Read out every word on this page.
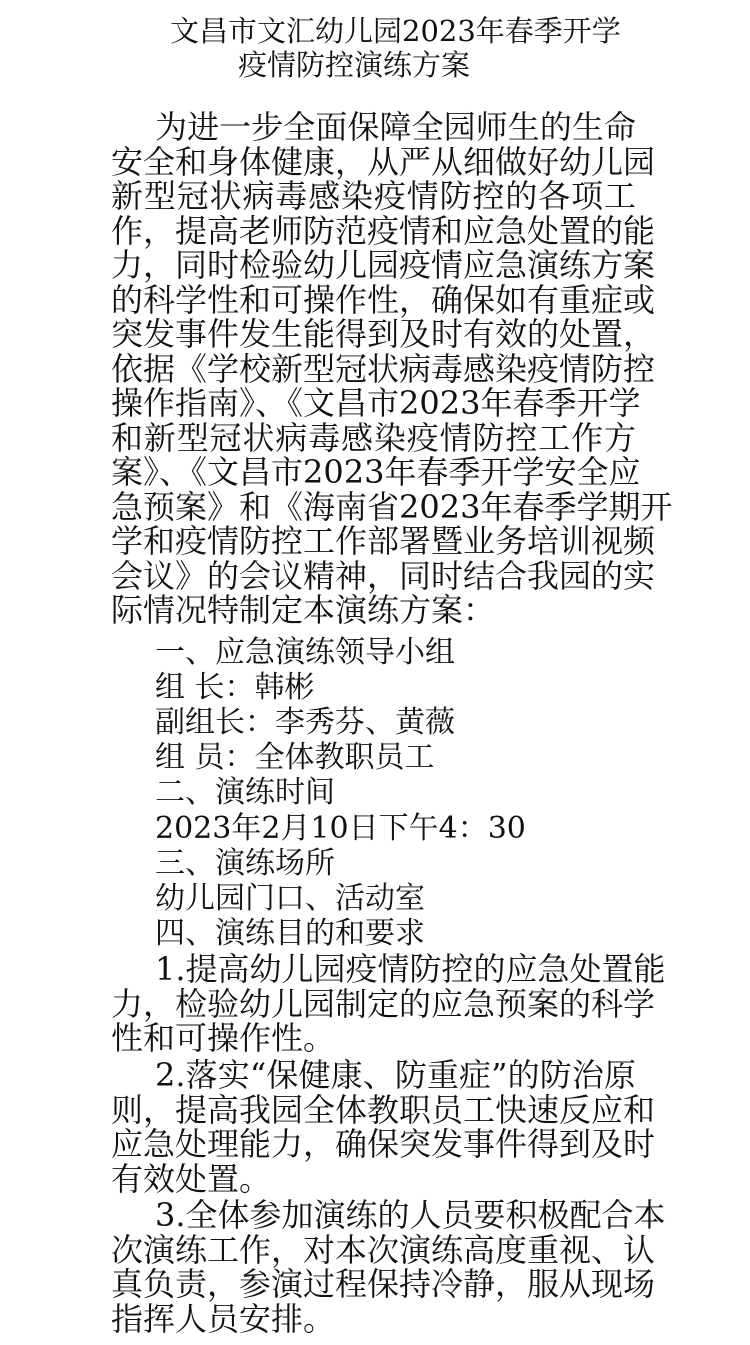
文昌市文汇幼儿园2023年春季开学
疫情防控演练方案
为进一步全面保障全园师生的生命
安全和身体健康，从严从细做好幼儿园
新型冠状病毒感染疫情防控的各项工
作，提高老师防范疫情和应急处置的能
力，同时检验幼儿园疫情应急演练方案
的科学性和可操作性，确保如有重症或
突发事件发生能得到及时有效的处置，
依据《学校新型冠状病毒感染疫情防控
操作指南》、《文昌市2023年春季开学
和新型冠状病毒感染疫情防控工作方
案》、《文昌市2023年春季开学安全应
急预案》和《海南省2023年春季学期开
学和疫情防控工作部署暨业务培训视频
会议》的会议精神，同时结合我园的实
际情况特制定本演练方案：
一、应急演练领导小组
组 长：韩彬
副组长：李秀芬、黄薇
组 员：全体教职员工
二、演练时间
2023年2月10日下午4：30
三、演练场所
幼儿园门口、活动室
四、演练目的和要求
1.提高幼儿园疫情防控的应急处置能
力，检验幼儿园制定的应急预案的科学
性和可操作性。
2.落实“保健康、防重症”的防治原
则，提高我园全体教职员工快速反应和
应急处理能力，确保突发事件得到及时
有效处置。
3.全体参加演练的人员要积极配合本
次演练工作，对本次演练高度重视、认
真负责，参演过程保持冷静，服从现场
指挥人员安排。
